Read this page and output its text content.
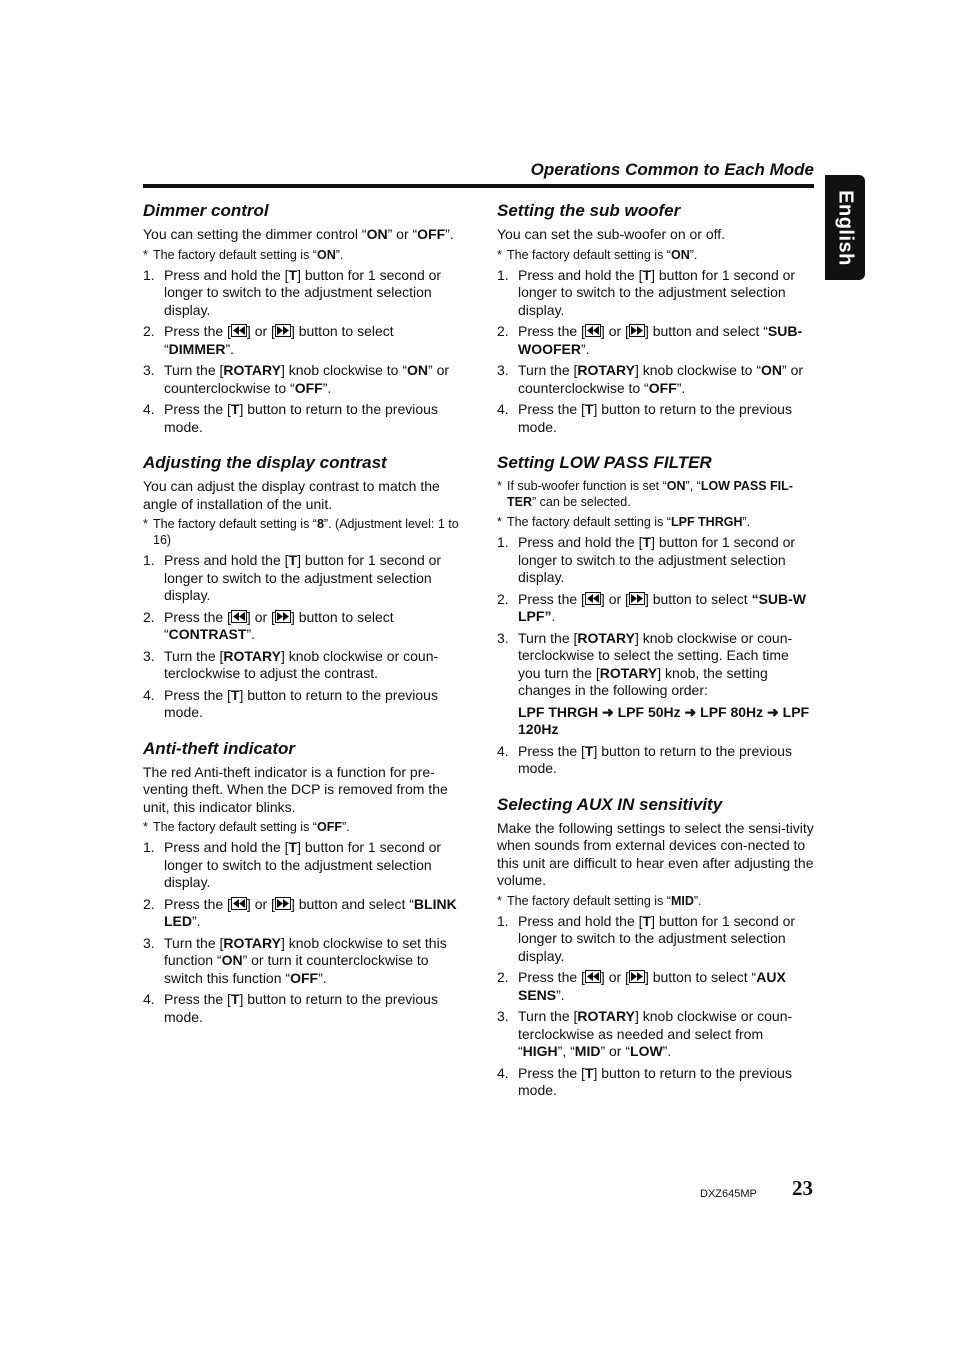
Operations Common to Each Mode
English
Dimmer control

You can setting the dimmer control “ON” or “OFF”.

* The factory default setting is “ON”.
1. Press and hold the [T] button for 1 second or longer to switch to the adjustment selection display.
2. Press the [ ] or [ ] button to select “DIMMER”.
3. Turn the [ROTARY] knob clockwise to “ON” or counterclockwise to “OFF”.
4. Press the [T] button to return to the previous mode.
Adjusting the display contrast

You can adjust the display contrast to match the angle of installation of the unit.

* The factory default setting is “8”. (Adjustment level: 1 to 16)
1. Press and hold the [T] button for 1 second or longer to switch to the adjustment selection display.
2. Press the [ ] or [ ] button to select “CONTRAST”.
3. Turn the [ROTARY] knob clockwise or coun-terclockwise to adjust the contrast.
4. Press the [T] button to return to the previous mode.
Anti-theft indicator

The red Anti-theft indicator is a function for pre-venting theft. When the DCP is removed from the unit, this indicator blinks.

* The factory default setting is “OFF”.
1. Press and hold the [T] button for 1 second or longer to switch to the adjustment selection display.
2. Press the [ ] or [ ] button and select “BLINK LED”.
3. Turn the [ROTARY] knob clockwise to set this function “ON” or turn it counterclockwise to switch this function “OFF”.
4. Press the [T] button to return to the previous mode.
Setting the sub woofer

You can set the sub-woofer on or off.

* The factory default setting is “ON”.
1. Press and hold the [T] button for 1 second or longer to switch to the adjustment selection display.
2. Press the [ ] or [ ] button and select “SUB-WOOFER”.
3. Turn the [ROTARY] knob clockwise to “ON” or counterclockwise to “OFF”.
4. Press the [T] button to return to the previous mode.
Setting LOW PASS FILTER
* If sub-woofer function is set “ON”, “LOW PASS FIL-TER” can be selected.
* The factory default setting is “LPF THRGH”.
1. Press and hold the [T] button for 1 second or longer to switch to the adjustment selection display.
2. Press the [ ] or [ ] button to select “SUB-W LPF”.
3. Turn the [ROTARY] knob clockwise or coun-terclockwise to select the setting. Each time you turn the [ROTARY] knob, the setting changes in the following order:
LPF THRGH ➜ LPF 50Hz ➜ LPF 80Hz ➜ LPF 120Hz
4. Press the [T] button to return to the previous mode.
Selecting AUX IN sensitivity

Make the following settings to select the sensi-tivity when sounds from external devices con-nected to this unit are difficult to hear even after adjusting the volume.

* The factory default setting is “MID”.
1. Press and hold the [T] button for 1 second or longer to switch to the adjustment selection display.
2. Press the [ ] or [ ] button to select “AUX SENS”.
3. Turn the [ROTARY] knob clockwise or coun-terclockwise as needed and select from “HIGH”, “MID” or “LOW”.
4. Press the [T] button to return to the previous mode.
DXZ645MP 23
